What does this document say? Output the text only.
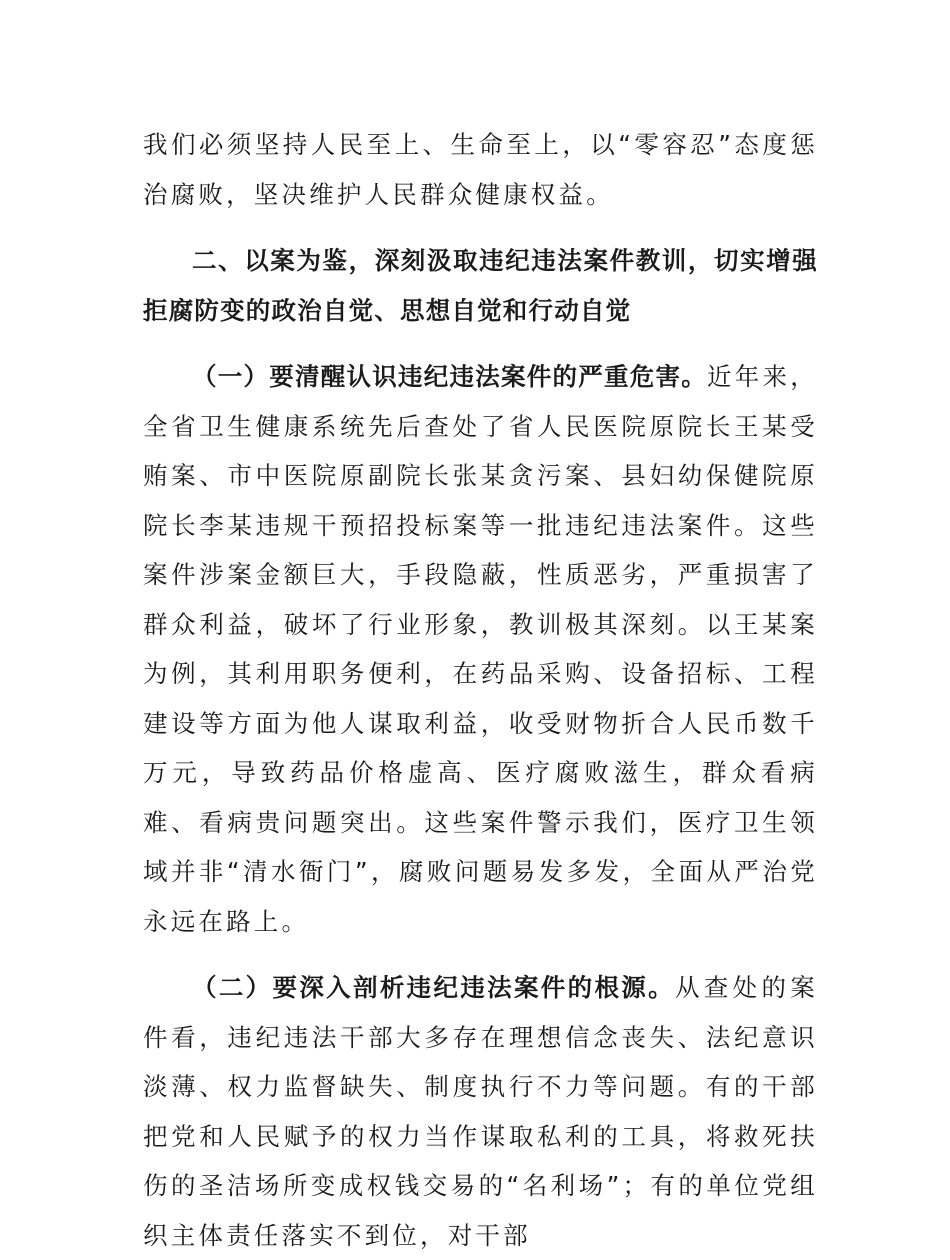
我们必须坚持人民至上、生命至上，以“零容忍”态度惩治腐败，坚决维护人民群众健康权益。

二、以案为鉴，深刻汲取违纪违法案件教训，切实增强拒腐防变的政治自觉、思想自觉和行动自觉

（一）要清醒认识违纪违法案件的严重危害。近年来，全省卫生健康系统先后查处了省人民医院原院长王某受贿案、市中医院原副院长张某贪污案、县妇幼保健院原院长李某违规干预招投标案等一批违纪违法案件。这些案件涉案金额巨大，手段隐蔽，性质恶劣，严重损害了群众利益，破坏了行业形象，教训极其深刻。以王某案为例，其利用职务便利，在药品采购、设备招标、工程建设等方面为他人谋取利益，收受财物折合人民币数千万元，导致药品价格虚高、医疗腐败滋生，群众看病难、看病贵问题突出。这些案件警示我们，医疗卫生领域并非“清水衙门”，腐败问题易发多发，全面从严治党永远在路上。

（二）要深入剖析违纪违法案件的根源。从查处的案件看，违纪违法干部大多存在理想信念丧失、法纪意识淡薄、权力监督缺失、制度执行不力等问题。有的干部把党和人民赋予的权力当作谋取私利的工具，将救死扶伤的圣洁场所变成权钱交易的“名利场”；有的单位党组织主体责任落实不到位，对干部
